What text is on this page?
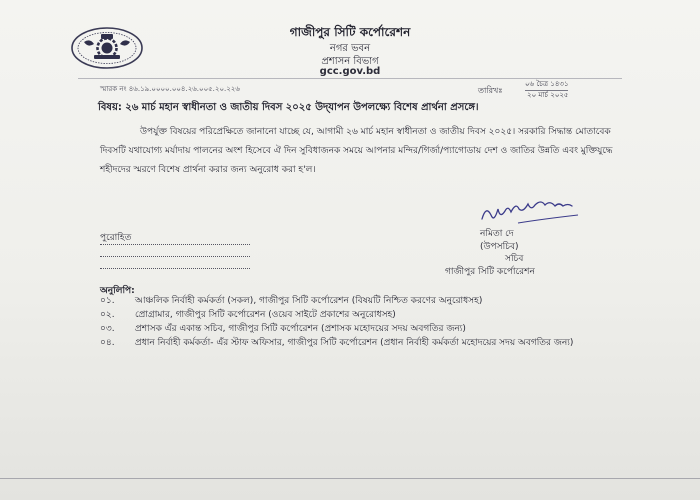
গাজীপুর সিটি কর্পোরেশন
নগর ভবন
প্রশাসন বিভাগ
gcc.gov.bd
স্মারক নং ৪৬.১৯.০০০০.০০৪.২৬.০০৫.২০.২২৬	তারিখঃ
০৬ চৈত্র ১৪৩১
২০ মার্চ ২০২৫
বিষয়: ২৬ মার্চ মহান স্বাধীনতা ও জাতীয় দিবস ২০২৫ উদ্‌যাপন উপলক্ষ্যে বিশেষ প্রার্থনা প্রসঙ্গে।
উপর্যুক্ত বিষয়ের পরিপ্রেক্ষিতে জানানো যাচ্ছে যে, আগামী ২৬ মার্চ মহান স্বাধীনতা ও জাতীয় দিবস ২০২৫। সরকারি সিদ্ধান্ত মোতাবেক দিবসটি যথাযোগ্য মর্যাদায় পালনের অংশ হিসেবে ঐ দিন সুবিধাজনক সময়ে আপনার মন্দির/গির্জা/প্যাগোডায় দেশ ও জাতির উন্নতি এবং মুক্তিযুদ্ধে শহীদদের স্মরণে বিশেষ প্রার্থনা করার জন্য অনুরোধ করা হ'ল।
নমিতা দে
(উপসচিব)
সচিব
গাজীপুর সিটি কর্পোরেশন
পুরোহিত
অনুলিপি:
০১. আঞ্চলিক নির্বাহী কর্মকর্তা (সকল), গাজীপুর সিটি কর্পোরেশন (বিষয়টি নিশ্চিত করণের অনুরোধসহ)
০২. প্রোগ্রামার, গাজীপুর সিটি কর্পোরেশন (ওয়েব সাইটে প্রকাশের অনুরোধসহ)
০৩. প্রশাসক এঁর একান্ত সচিব, গাজীপুর সিটি কর্পোরেশন (প্রশাসক মহোদয়ের সদয় অবগতির জন্য)
০৪. প্রধান নির্বাহী কর্মকর্তা- এঁর স্টাফ অফিসার, গাজীপুর সিটি কর্পোরেশন (প্রধান নির্বাহী কর্মকর্তা মহোদয়ের সদয় অবগতির জন্য)
